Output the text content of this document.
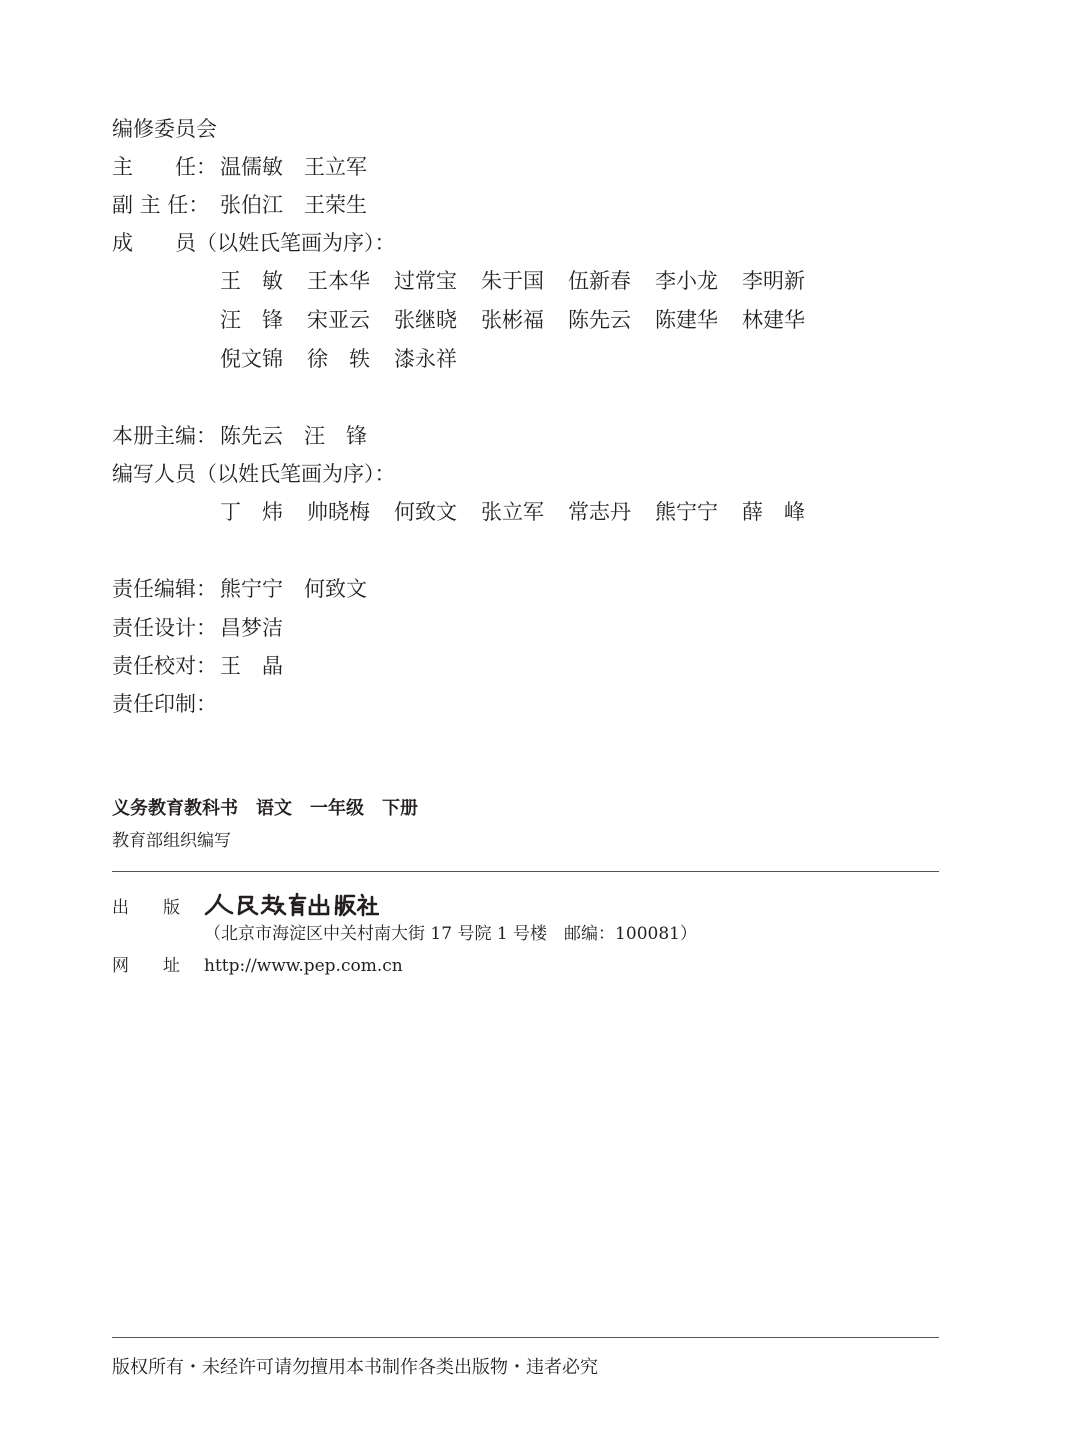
编修委员会
主　　任： 温儒敏　王立军
副 主 任： 张伯江　王荣生
成　　员（以姓氏笔画为序）：
王　敏 王本华 过常宝 朱于国 伍新春 李小龙 李明新
汪　锋 宋亚云 张继晓 张彬福 陈先云 陈建华 林建华
倪文锦 徐　轶 漆永祥
本册主编： 陈先云　汪　锋
编写人员（以姓氏笔画为序）：
丁　炜 帅晓梅 何致文 张立军 常志丹 熊宁宁 薛　峰
责任编辑： 熊宁宁　何致文
责任设计： 昌梦洁
责任校对： 王　晶
责任印制：
义务教育教科书　语文　一年级　下册
教育部组织编写
出　　版
（北京市海淀区中关村南大街 17 号院 1 号楼　邮编：100081）
网　　址 http://www.pep.com.cn
版权所有・未经许可请勿擅用本书制作各类出版物・违者必究
